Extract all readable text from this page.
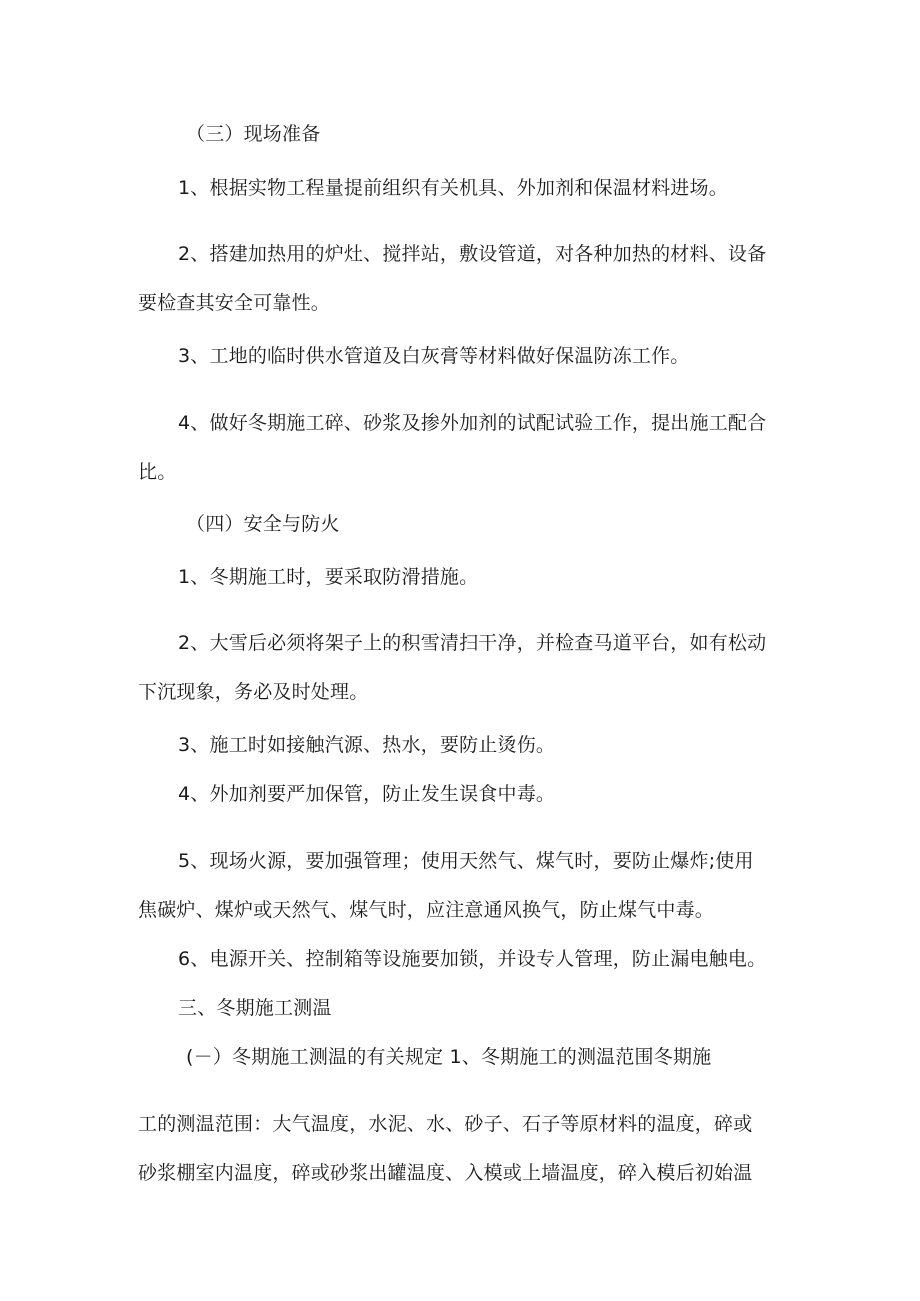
（三）现场准备
1、根据实物工程量提前组织有关机具、外加剂和保温材料进场。
2、搭建加热用的炉灶、搅拌站，敷设管道，对各种加热的材料、设备
要检查其安全可靠性。
3、工地的临时供水管道及白灰膏等材料做好保温防冻工作。
4、做好冬期施工碎、砂浆及掺外加剂的试配试验工作，提出施工配合
比。
（四）安全与防火
1、冬期施工时，要采取防滑措施。
2、大雪后必须将架子上的积雪清扫干净，并检查马道平台，如有松动
下沉现象，务必及时处理。
3、施工时如接触汽源、热水，要防止烫伤。
4、外加剂要严加保管，防止发生误食中毒。
5、现场火源，要加强管理；使用天然气、煤气时，要防止爆炸;使用
焦碳炉、煤炉或天然气、煤气时，应注意通风换气，防止煤气中毒。
6、电源开关、控制箱等设施要加锁，并设专人管理，防止漏电触电。
三、冬期施工测温
(－）冬期施工测温的有关规定 1、冬期施工的测温范围冬期施
工的测温范围：大气温度，水泥、水、砂子、石子等原材料的温度，碎或
砂浆棚室内温度，碎或砂浆出罐温度、入模或上墙温度，碎入模后初始温
